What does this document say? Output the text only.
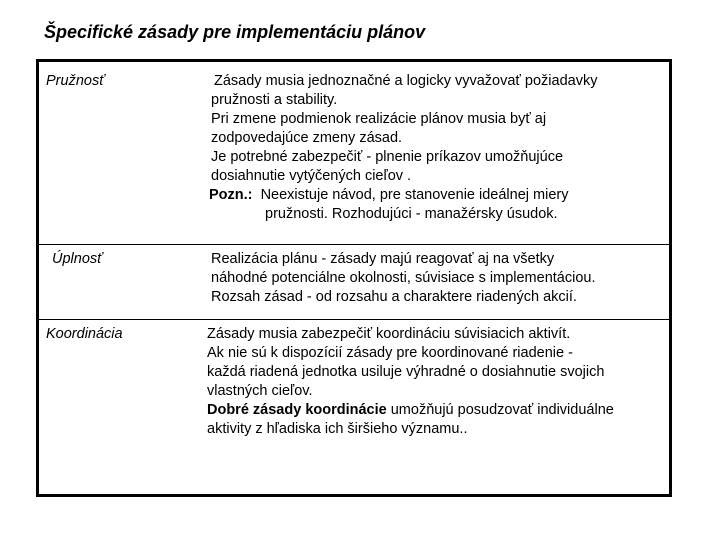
Špecifické zásady pre implementáciu plánov
Pružnosť	Zásady musia jednoznačné a logicky vyvažovať požiadavky
pružnosti a stability.
Pri zmene podmienok realizácie plánov musia byť aj
zodpovedajúce zmeny zásad.
Je potrebné zabezpečiť - plnenie príkazov umožňujúce
dosiahnutie vytýčených cieľov .
Pozn.: Neexistuje návod, pre stanovenie ideálnej miery
pružnosti. Rozhodujúci - manažérsky úsudok.
Úplnosť	Realizácia plánu - zásady majú reagovať aj na všetky
náhodné potenciálne okolnosti, súvisiace s implementáciou.
Rozsah zásad - od rozsahu a charaktere riadených akcií.
Koordinácia	Zásady musia zabezpečiť koordináciu súvisiacich aktivít.
Ak nie sú k dispozícií zásady pre koordinované riadenie -
každá riadená jednotka usiluje výhradné o dosiahnutie svojich
vlastných cieľov.
Dobré zásady koordinácie umožňujú posudzovať individuálne
aktivity z hľadiska ich širšieho významu..
